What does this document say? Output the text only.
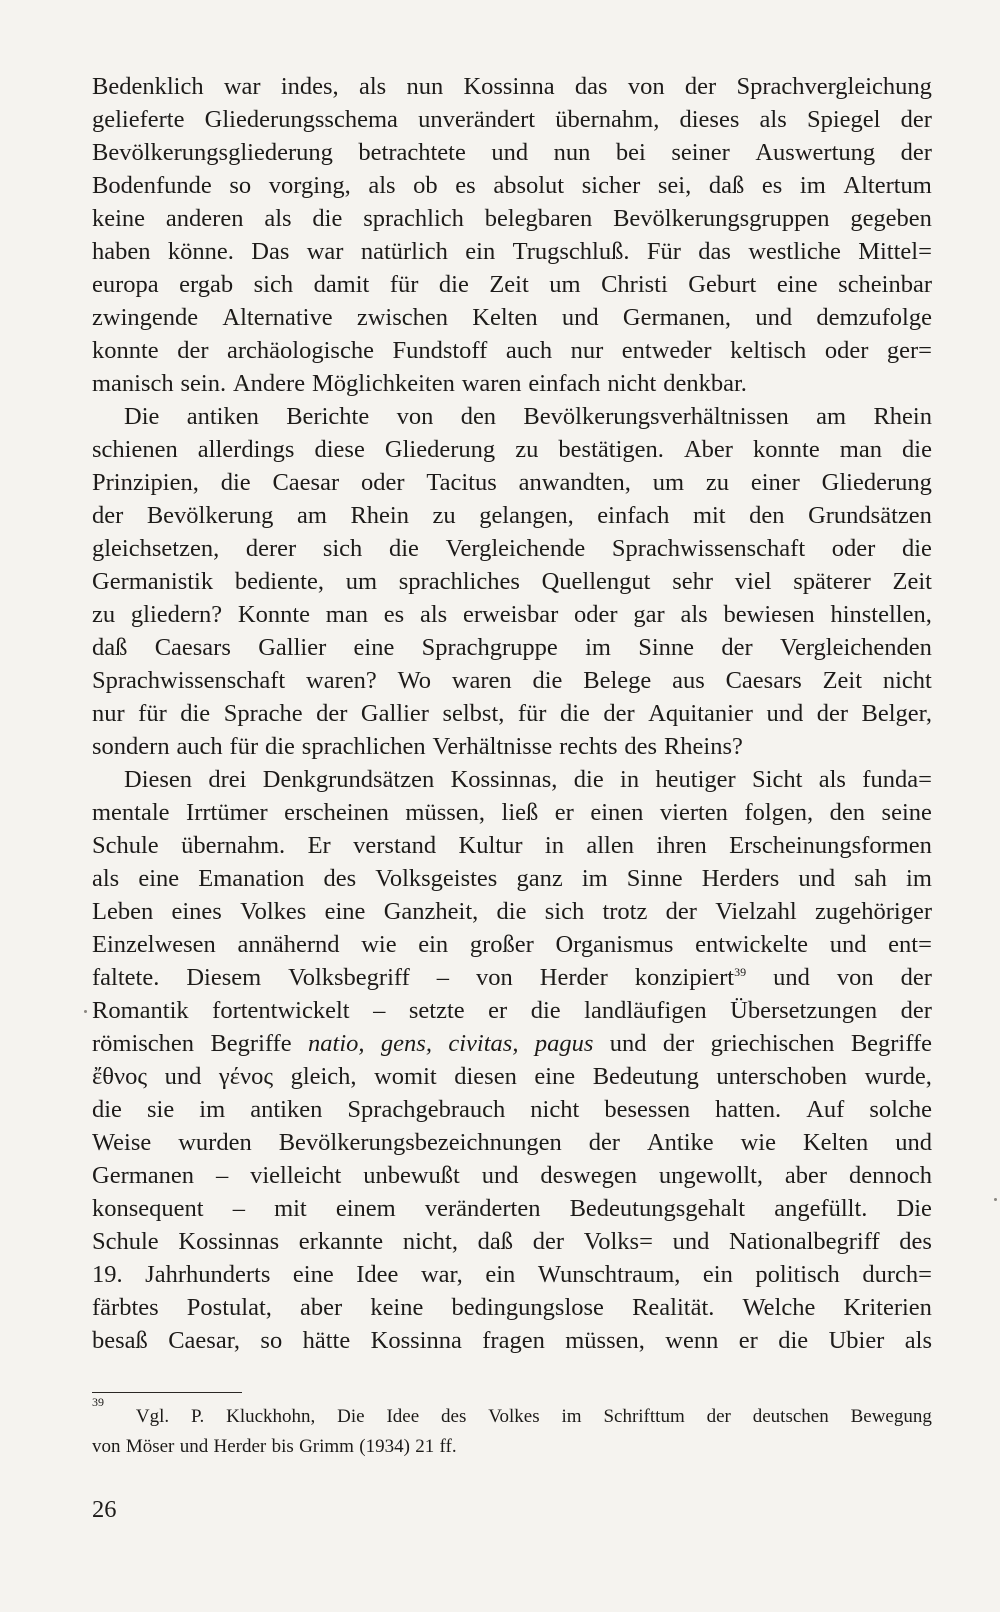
Bedenklich war indes, als nun Kossinna das von der Sprachvergleichung
gelieferte Gliederungsschema unverändert übernahm, dieses als Spiegel der
Bevölkerungsgliederung betrachtete und nun bei seiner Auswertung der
Bodenfunde so vorging, als ob es absolut sicher sei, daß es im Altertum
keine anderen als die sprachlich belegbaren Bevölkerungsgruppen gegeben
haben könne. Das war natürlich ein Trugschluß. Für das westliche Mittel=
europa ergab sich damit für die Zeit um Christi Geburt eine scheinbar
zwingende Alternative zwischen Kelten und Germanen, und demzufolge
konnte der archäologische Fundstoff auch nur entweder keltisch oder ger=
manisch sein. Andere Möglichkeiten waren einfach nicht denkbar.
Die antiken Berichte von den Bevölkerungsverhältnissen am Rhein
schienen allerdings diese Gliederung zu bestätigen. Aber konnte man die
Prinzipien, die Caesar oder Tacitus anwandten, um zu einer Gliederung
der Bevölkerung am Rhein zu gelangen, einfach mit den Grundsätzen
gleichsetzen, derer sich die Vergleichende Sprachwissenschaft oder die
Germanistik bediente, um sprachliches Quellengut sehr viel späterer Zeit
zu gliedern? Konnte man es als erweisbar oder gar als bewiesen hinstellen,
daß Caesars Gallier eine Sprachgruppe im Sinne der Vergleichenden
Sprachwissenschaft waren? Wo waren die Belege aus Caesars Zeit nicht
nur für die Sprache der Gallier selbst, für die der Aquitanier und der Belger,
sondern auch für die sprachlichen Verhältnisse rechts des Rheins?
Diesen drei Denkgrundsätzen Kossinnas, die in heutiger Sicht als funda=
mentale Irrtümer erscheinen müssen, ließ er einen vierten folgen, den seine
Schule übernahm. Er verstand Kultur in allen ihren Erscheinungsformen
als eine Emanation des Volksgeistes ganz im Sinne Herders und sah im
Leben eines Volkes eine Ganzheit, die sich trotz der Vielzahl zugehöriger
Einzelwesen annähernd wie ein großer Organismus entwickelte und ent=
faltete. Diesem Volksbegriff – von Herder konzipiert$^{39}$ und von der
Romantik fortentwickelt – setzte er die landläufigen Übersetzungen der
römischen Begriffe natio, gens, civitas, pagus und der griechischen Begriffe
ἔθνος und γένος gleich, womit diesen eine Bedeutung unterschoben wurde,
die sie im antiken Sprachgebrauch nicht besessen hatten. Auf solche
Weise wurden Bevölkerungsbezeichnungen der Antike wie Kelten und
Germanen – vielleicht unbewußt und deswegen ungewollt, aber dennoch
konsequent – mit einem veränderten Bedeutungsgehalt angefüllt. Die
Schule Kossinnas erkannte nicht, daß der Volks= und Nationalbegriff des
19. Jahrhunderts eine Idee war, ein Wunschtraum, ein politisch durch=
färbtes Postulat, aber keine bedingungslose Realität. Welche Kriterien
besaß Caesar, so hätte Kossinna fragen müssen, wenn er die Ubier als
39
Vgl. P. Kluckhohn, Die Idee des Volkes im Schrifttum der deutschen Bewegung
von Möser und Herder bis Grimm (1934) 21 ff.
26
